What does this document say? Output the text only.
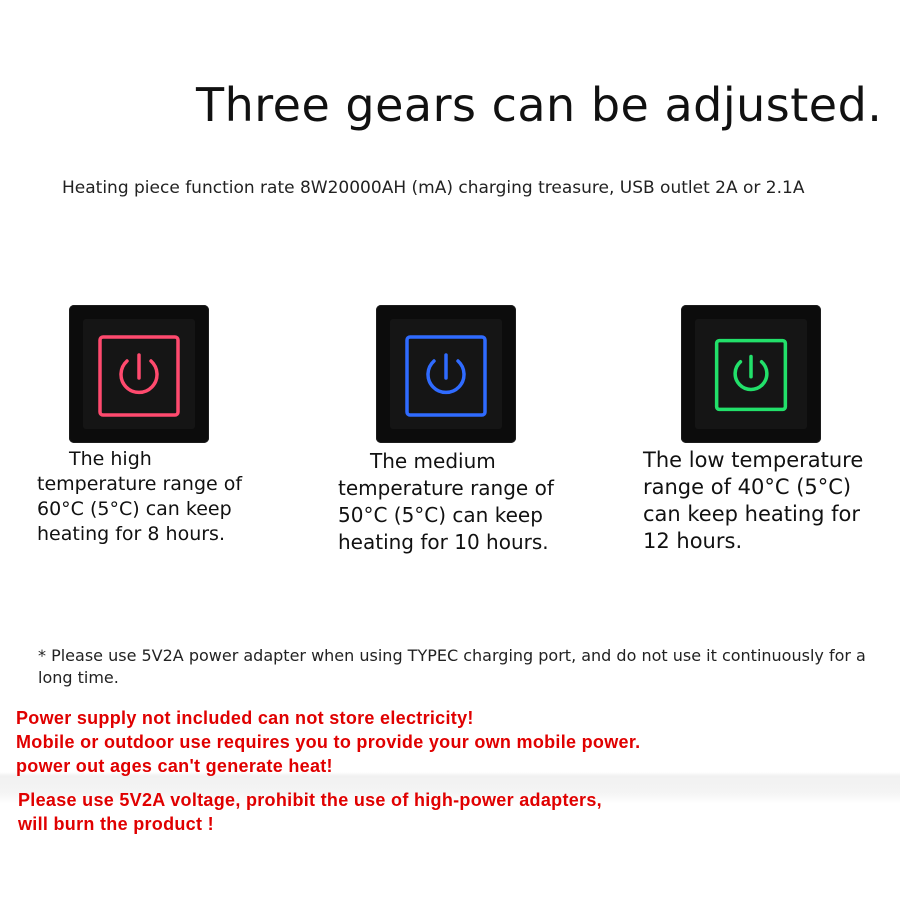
Three gears can be adjusted.
Heating piece function rate 8W20000AH (mA) charging treasure, USB outlet 2A or 2.1A
The high
temperature range of
60°C (5°C) can keep
heating for 8 hours.
The medium
temperature range of
50°C (5°C) can keep
heating for 10 hours.
The low temperature
range of 40°C (5°C)
can keep heating for
12 hours.
* Please use 5V2A power adapter when using TYPEC charging port, and do not use it continuously for a long time.
Power supply not included can not store electricity!
Mobile or outdoor use requires you to provide your own mobile power.
power out ages can't generate heat!
Please use 5V2A voltage, prohibit the use of high-power adapters,
will burn the product !
